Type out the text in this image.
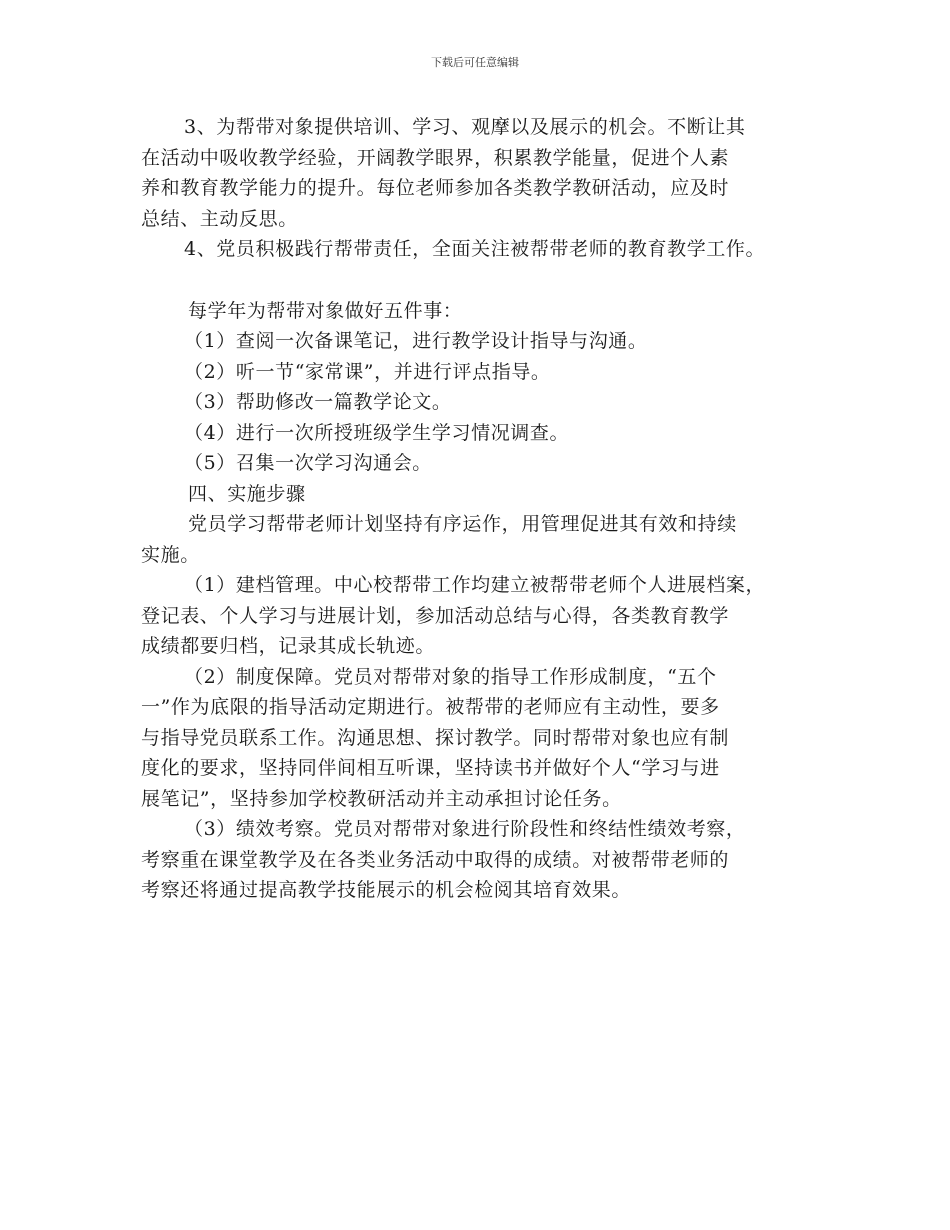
下载后可任意编辑
3、为帮带对象提供培训、学习、观摩以及展示的机会。不断让其
在活动中吸收教学经验，开阔教学眼界，积累教学能量，促进个人素
养和教育教学能力的提升。每位老师参加各类教学教研活动，应及时
总结、主动反思。
4、党员积极践行帮带责任，全面关注被帮带老师的教育教学工作。
每学年为帮带对象做好五件事：
（1）查阅一次备课笔记，进行教学设计指导与沟通。
（2）听一节“家常课”，并进行评点指导。
（3）帮助修改一篇教学论文。
（4）进行一次所授班级学生学习情况调查。
（5）召集一次学习沟通会。
四、实施步骤
党员学习帮带老师计划坚持有序运作，用管理促进其有效和持续
实施。
（1）建档管理。中心校帮带工作均建立被帮带老师个人进展档案，
登记表、个人学习与进展计划，参加活动总结与心得，各类教育教学
成绩都要归档，记录其成长轨迹。
（2）制度保障。党员对帮带对象的指导工作形成制度，“五个
一”作为底限的指导活动定期进行。被帮带的老师应有主动性，要多
与指导党员联系工作。沟通思想、探讨教学。同时帮带对象也应有制
度化的要求，坚持同伴间相互听课，坚持读书并做好个人“学习与进
展笔记”，坚持参加学校教研活动并主动承担讨论任务。
（3）绩效考察。党员对帮带对象进行阶段性和终结性绩效考察，
考察重在课堂教学及在各类业务活动中取得的成绩。对被帮带老师的
考察还将通过提高教学技能展示的机会检阅其培育效果。
